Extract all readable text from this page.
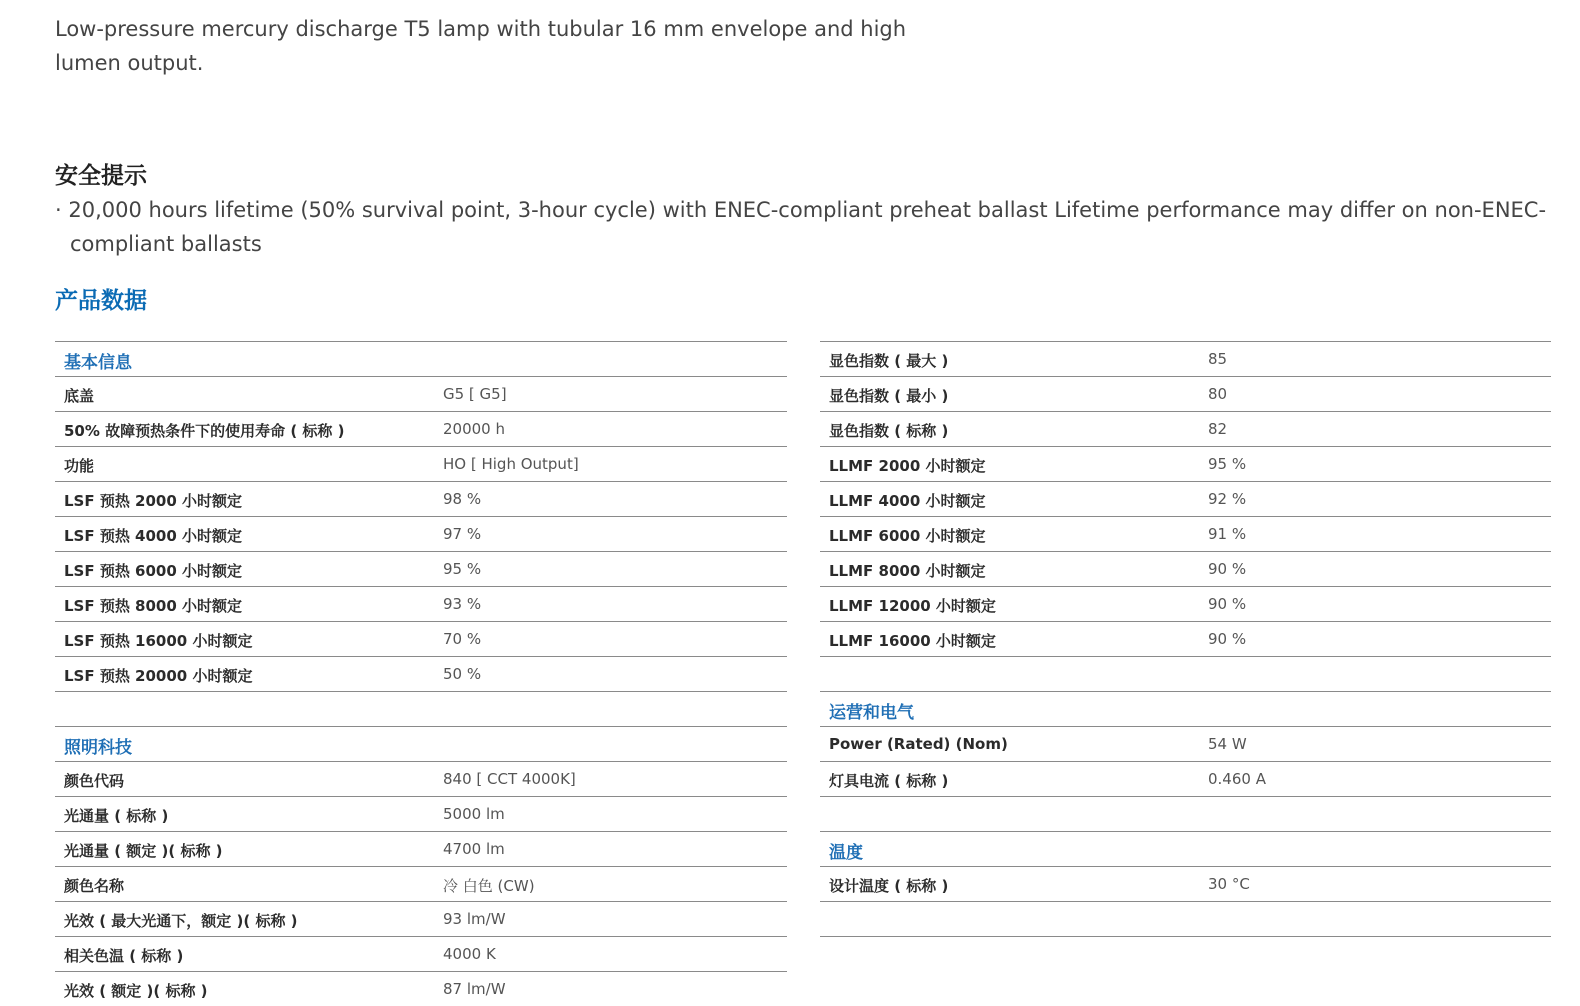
Low-pressure mercury discharge T5 lamp with tubular 16 mm envelope and high lumen output.
安全提示
· 20,000 hours lifetime (50% survival point, 3-hour cycle) with ENEC-compliant preheat ballast Lifetime performance may differ on non-ENEC-compliant ballasts
产品数据
基本信息
底盖	G5 [ G5]
50% 故障预热条件下的使用寿命 ( 标称 )	20000 h
功能	HO [ High Output]
LSF 预热 2000 小时额定	98 %
LSF 预热 4000 小时额定	97 %
LSF 预热 6000 小时额定	95 %
LSF 预热 8000 小时额定	93 %
LSF 预热 16000 小时额定	70 %
LSF 预热 20000 小时额定	50 %
照明科技
颜色代码	840 [ CCT 4000K]
光通量 ( 标称 )	5000 lm
光通量 ( 额定 )( 标称 )	4700 lm
颜色名称	冷 白色 (CW)
光效 ( 最大光通下，额定 )( 标称 )	93 lm/W
相关色温 ( 标称 )	4000 K
光效 ( 额定 )( 标称 )	87 lm/W
显色指数 ( 最大 )	85
显色指数 ( 最小 )	80
显色指数 ( 标称 )	82
LLMF 2000 小时额定	95 %
LLMF 4000 小时额定	92 %
LLMF 6000 小时额定	91 %
LLMF 8000 小时额定	90 %
LLMF 12000 小时额定	90 %
LLMF 16000 小时额定	90 %
运营和电气
Power (Rated) (Nom)	54 W
灯具电流 ( 标称 )	0.460 A
温度
设计温度 ( 标称 )	30 °C
